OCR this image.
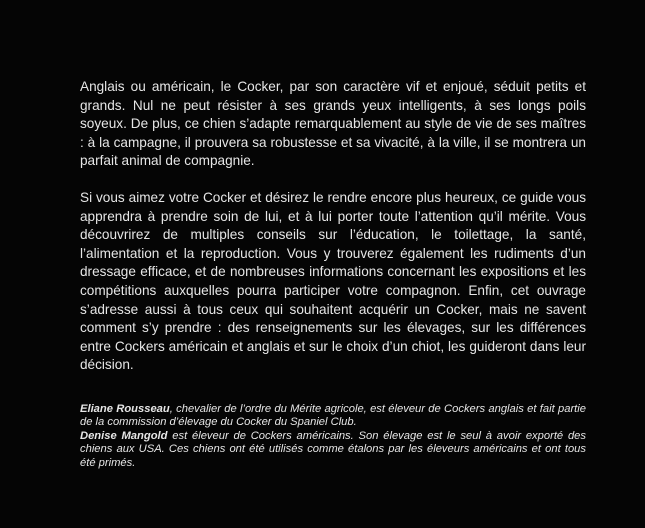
Anglais ou américain, le Cocker, par son caractère vif et enjoué, séduit petits et grands. Nul ne peut résister à ses grands yeux intelligents, à ses longs poils soyeux. De plus, ce chien s’adapte remarquablement au style de vie de ses maîtres : à la campagne, il prouvera sa robustesse et sa vivacité, à la ville, il se montrera un parfait animal de compagnie.

Si vous aimez votre Cocker et désirez le rendre encore plus heureux, ce guide vous apprendra à prendre soin de lui, et à lui porter toute l’attention qu’il mérite. Vous découvrirez de multiples conseils sur l’éducation, le toilettage, la santé, l’alimentation et la reproduction. Vous y trouverez également les rudiments d’un dressage efficace, et de nombreuses informations concernant les expositions et les compétitions auxquelles pourra participer votre compagnon. Enfin, cet ouvrage s’adresse aussi à tous ceux qui souhaitent acquérir un Cocker, mais ne savent comment s’y prendre : des renseignements sur les élevages, sur les différences entre Cockers américain et anglais et sur le choix d’un chiot, les guideront dans leur décision.

Eliane Rousseau, chevalier de l’ordre du Mérite agricole, est éleveur de Cockers anglais et fait partie de la commission d’élevage du Cocker du Spaniel Club.

Denise Mangold est éleveur de Cockers américains. Son élevage est le seul à avoir exporté des chiens aux USA. Ces chiens ont été utilisés comme étalons par les éleveurs américains et ont tous été primés.
